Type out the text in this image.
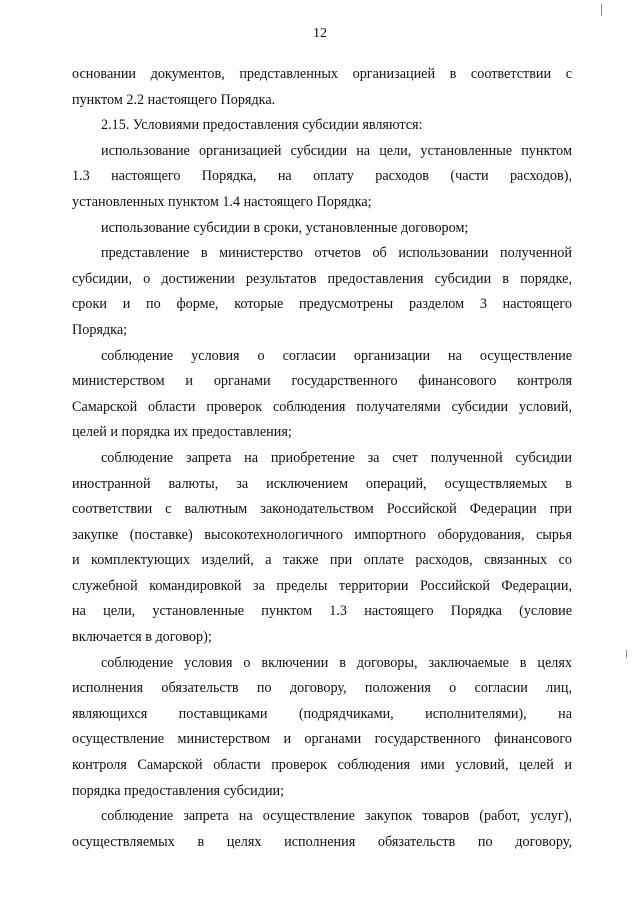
12

основании документов, представленных организацией в соответствии с
пунктом 2.2 настоящего Порядка.

2.15. Условиями предоставления субсидии являются:

использование организацией субсидии на цели, установленные пунктом
1.3 настоящего Порядка, на оплату расходов (части расходов),
установленных пунктом 1.4 настоящего Порядка;

использование субсидии в сроки, установленные договором;

представление в министерство отчетов об использовании полученной
субсидии, о достижении результатов предоставления субсидии в порядке,
сроки и по форме, которые предусмотрены разделом 3 настоящего
Порядка;

соблюдение условия о согласии организации на осуществление
министерством и органами государственного финансового контроля
Самарской области проверок соблюдения получателями субсидии условий,
целей и порядка их предоставления;

соблюдение запрета на приобретение за счет полученной субсидии
иностранной валюты, за исключением операций, осуществляемых в
соответствии с валютным законодательством Российской Федерации при
закупке (поставке) высокотехнологичного импортного оборудования, сырья
и комплектующих изделий, а также при оплате расходов, связанных со
служебной командировкой за пределы территории Российской Федерации,
на цели, установленные пунктом 1.3 настоящего Порядка (условие
включается в договор);

соблюдение условия о включении в договоры, заключаемые в целях
исполнения обязательств по договору, положения о согласии лиц,
являющихся поставщиками (подрядчиками, исполнителями), на
осуществление министерством и органами государственного финансового
контроля Самарской области проверок соблюдения ими условий, целей и
порядка предоставления субсидии;

соблюдение запрета на осуществление закупок товаров (работ, услуг),
осуществляемых в целях исполнения обязательств по договору,
